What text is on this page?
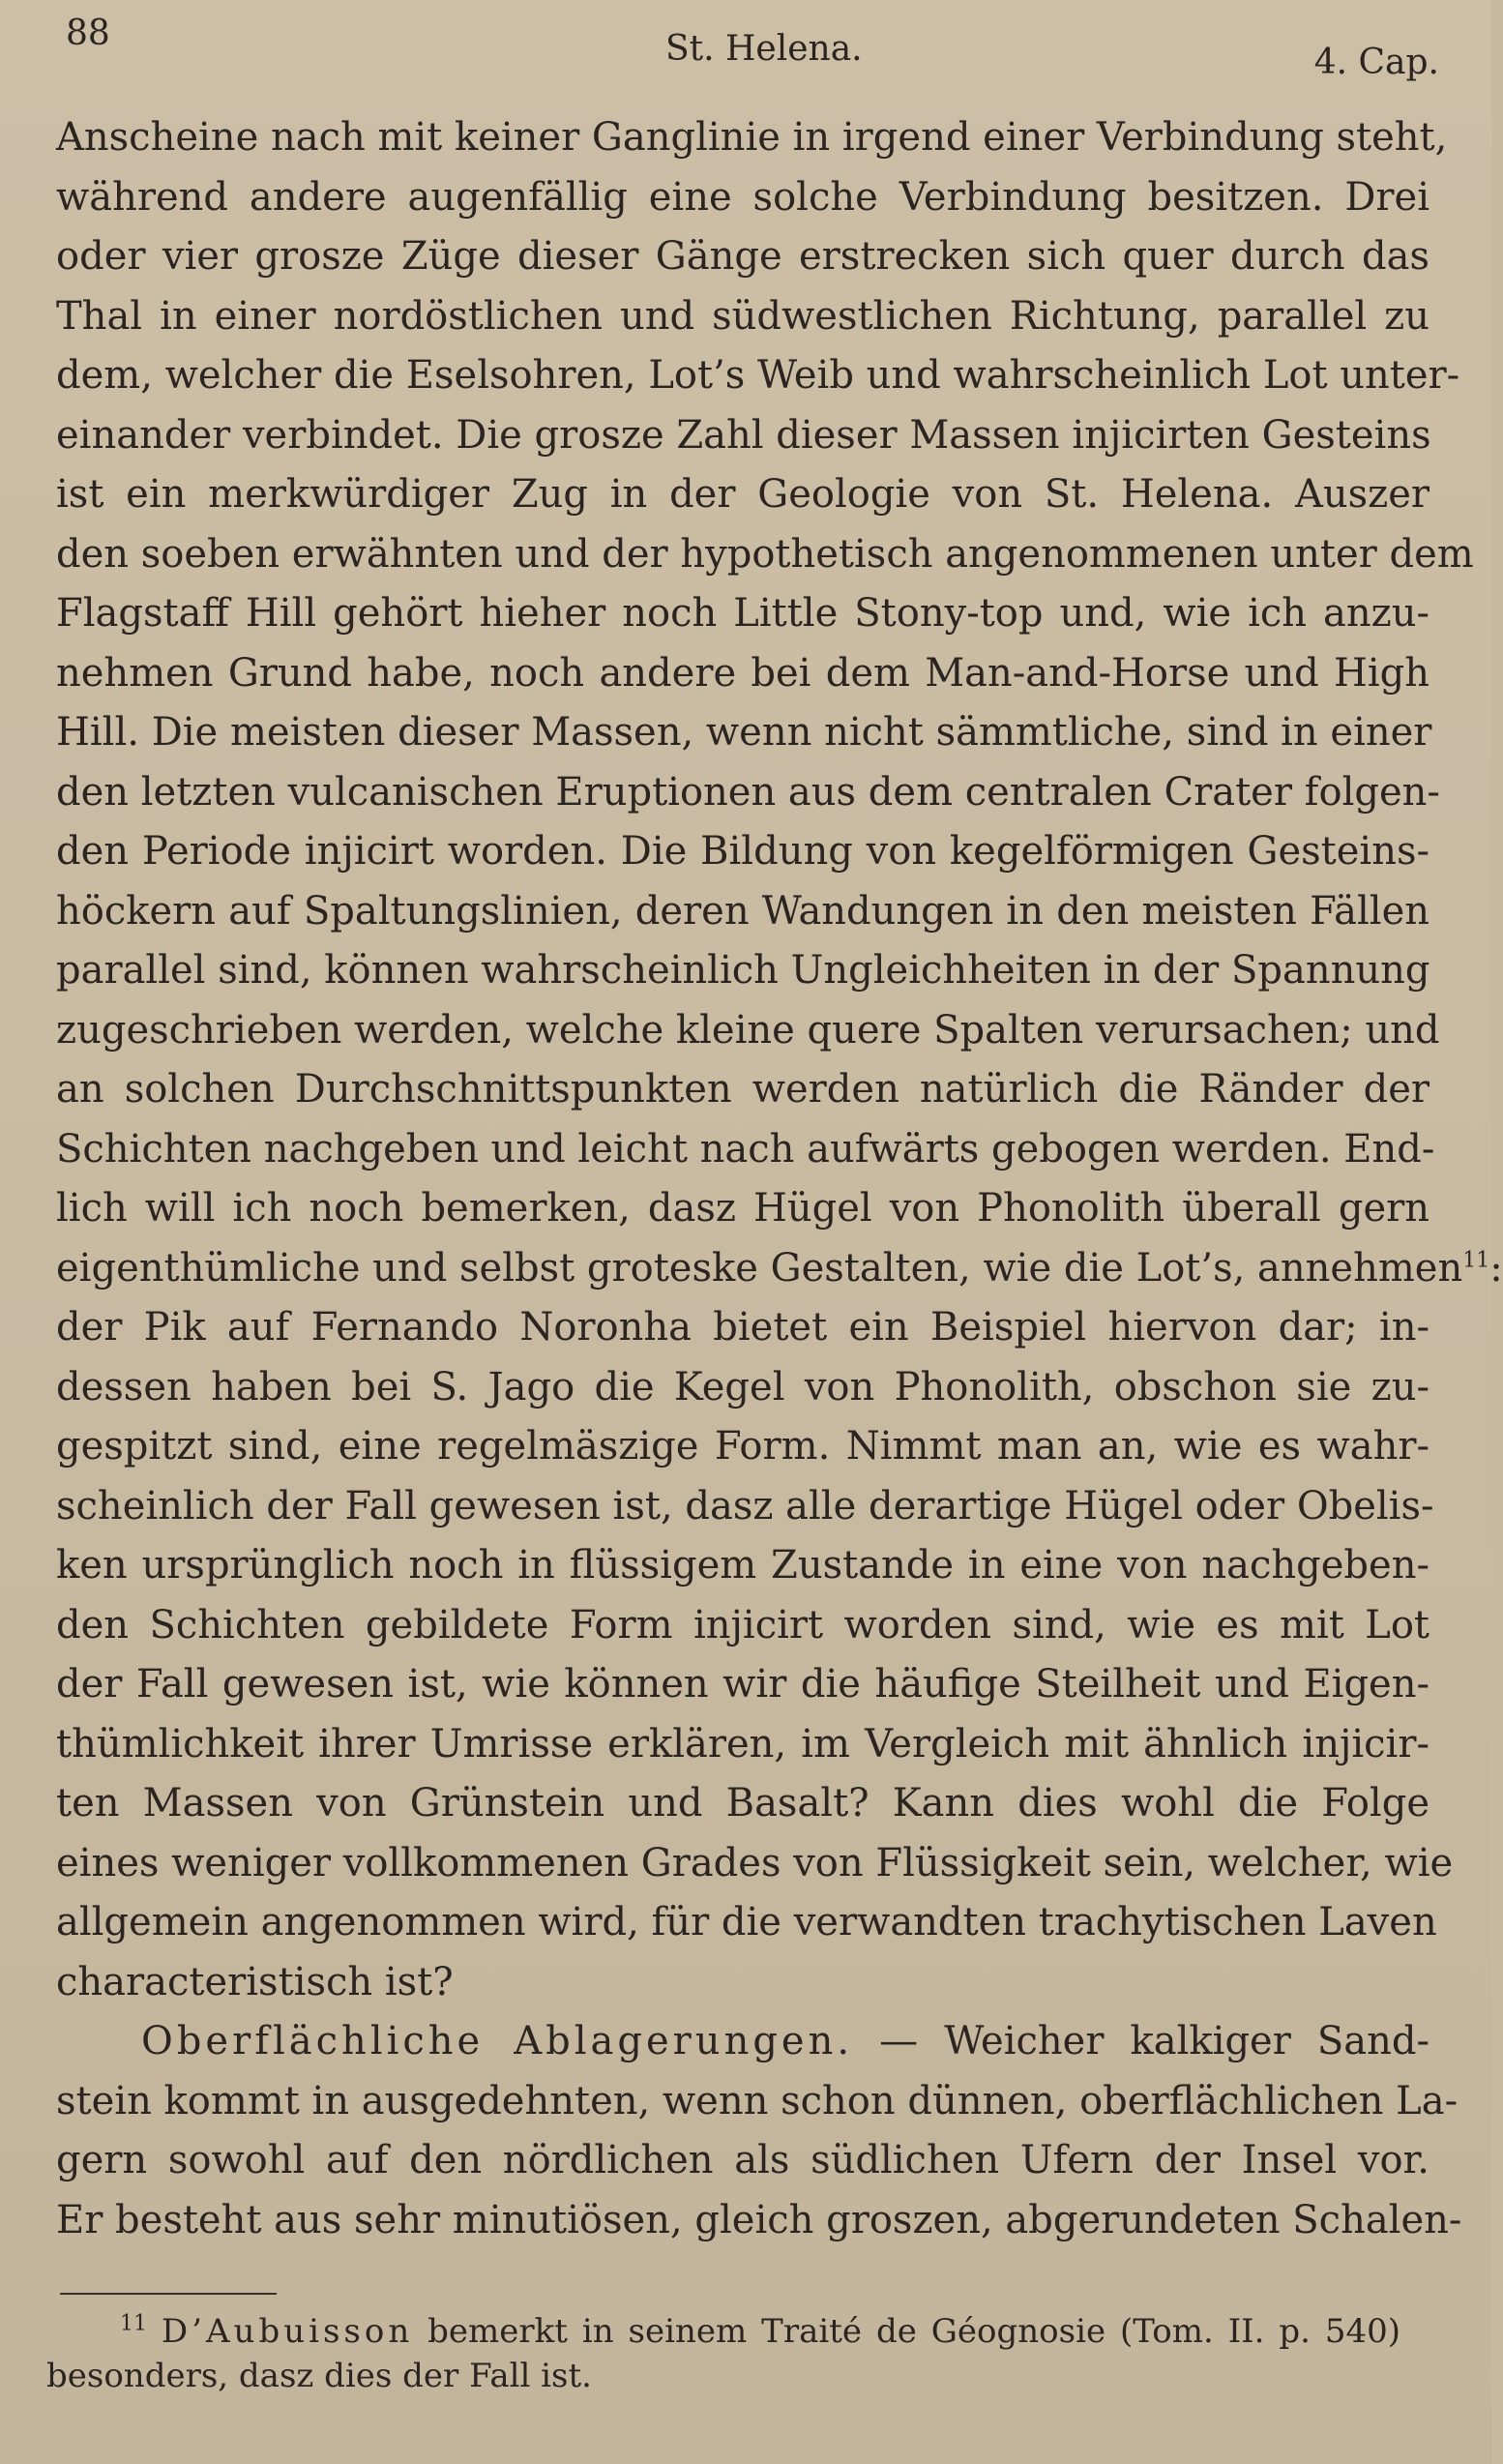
88	St. Helena.	4. Cap.
Anscheine nach mit keiner Ganglinie in irgend einer Verbindung steht,
während andere augenfällig eine solche Verbindung besitzen. Drei
oder vier grosze Züge dieser Gänge erstrecken sich quer durch das
Thal in einer nordöstlichen und südwestlichen Richtung, parallel zu
dem, welcher die Eselsohren, Lot’s Weib und wahrscheinlich Lot unter-
einander verbindet. Die grosze Zahl dieser Massen injicirten Gesteins
ist ein merkwürdiger Zug in der Geologie von St. Helena. Auszer
den soeben erwähnten und der hypothetisch angenommenen unter dem
Flagstaff Hill gehört hieher noch Little Stony-top und, wie ich anzu-
nehmen Grund habe, noch andere bei dem Man-and-Horse und High
Hill. Die meisten dieser Massen, wenn nicht sämmtliche, sind in einer
den letzten vulcanischen Eruptionen aus dem centralen Crater folgen-
den Periode injicirt worden. Die Bildung von kegelförmigen Gesteins-
höckern auf Spaltungslinien, deren Wandungen in den meisten Fällen
parallel sind, können wahrscheinlich Ungleichheiten in der Spannung
zugeschrieben werden, welche kleine quere Spalten verursachen; und
an solchen Durchschnittspunkten werden natürlich die Ränder der
Schichten nachgeben und leicht nach aufwärts gebogen werden. End-
lich will ich noch bemerken, dasz Hügel von Phonolith überall gern
eigenthümliche und selbst groteske Gestalten, wie die Lot’s, annehmen$^{11}$:
der Pik auf Fernando Noronha bietet ein Beispiel hiervon dar; in-
dessen haben bei S. Jago die Kegel von Phonolith, obschon sie zu-
gespitzt sind, eine regelmäszige Form. Nimmt man an, wie es wahr-
scheinlich der Fall gewesen ist, dasz alle derartige Hügel oder Obelis-
ken ursprünglich noch in flüssigem Zustande in eine von nachgeben-
den Schichten gebildete Form injicirt worden sind, wie es mit Lot
der Fall gewesen ist, wie können wir die häufige Steilheit und Eigen-
thümlichkeit ihrer Umrisse erklären, im Vergleich mit ähnlich injicir-
ten Massen von Grünstein und Basalt? Kann dies wohl die Folge
eines weniger vollkommenen Grades von Flüssigkeit sein, welcher, wie
allgemein angenommen wird, für die verwandten trachytischen Laven
characteristisch ist?
Oberflächliche Ablagerungen. — Weicher kalkiger Sand-
stein kommt in ausgedehnten, wenn schon dünnen, oberflächlichen La-
gern sowohl auf den nördlichen als südlichen Ufern der Insel vor.
Er besteht aus sehr minutiösen, gleich groszen, abgerundeten Schalen-
$^{11}$ D’Aubuisson bemerkt in seinem Traité de Géognosie (Tom. II. p. 540)
besonders, dasz dies der Fall ist.
